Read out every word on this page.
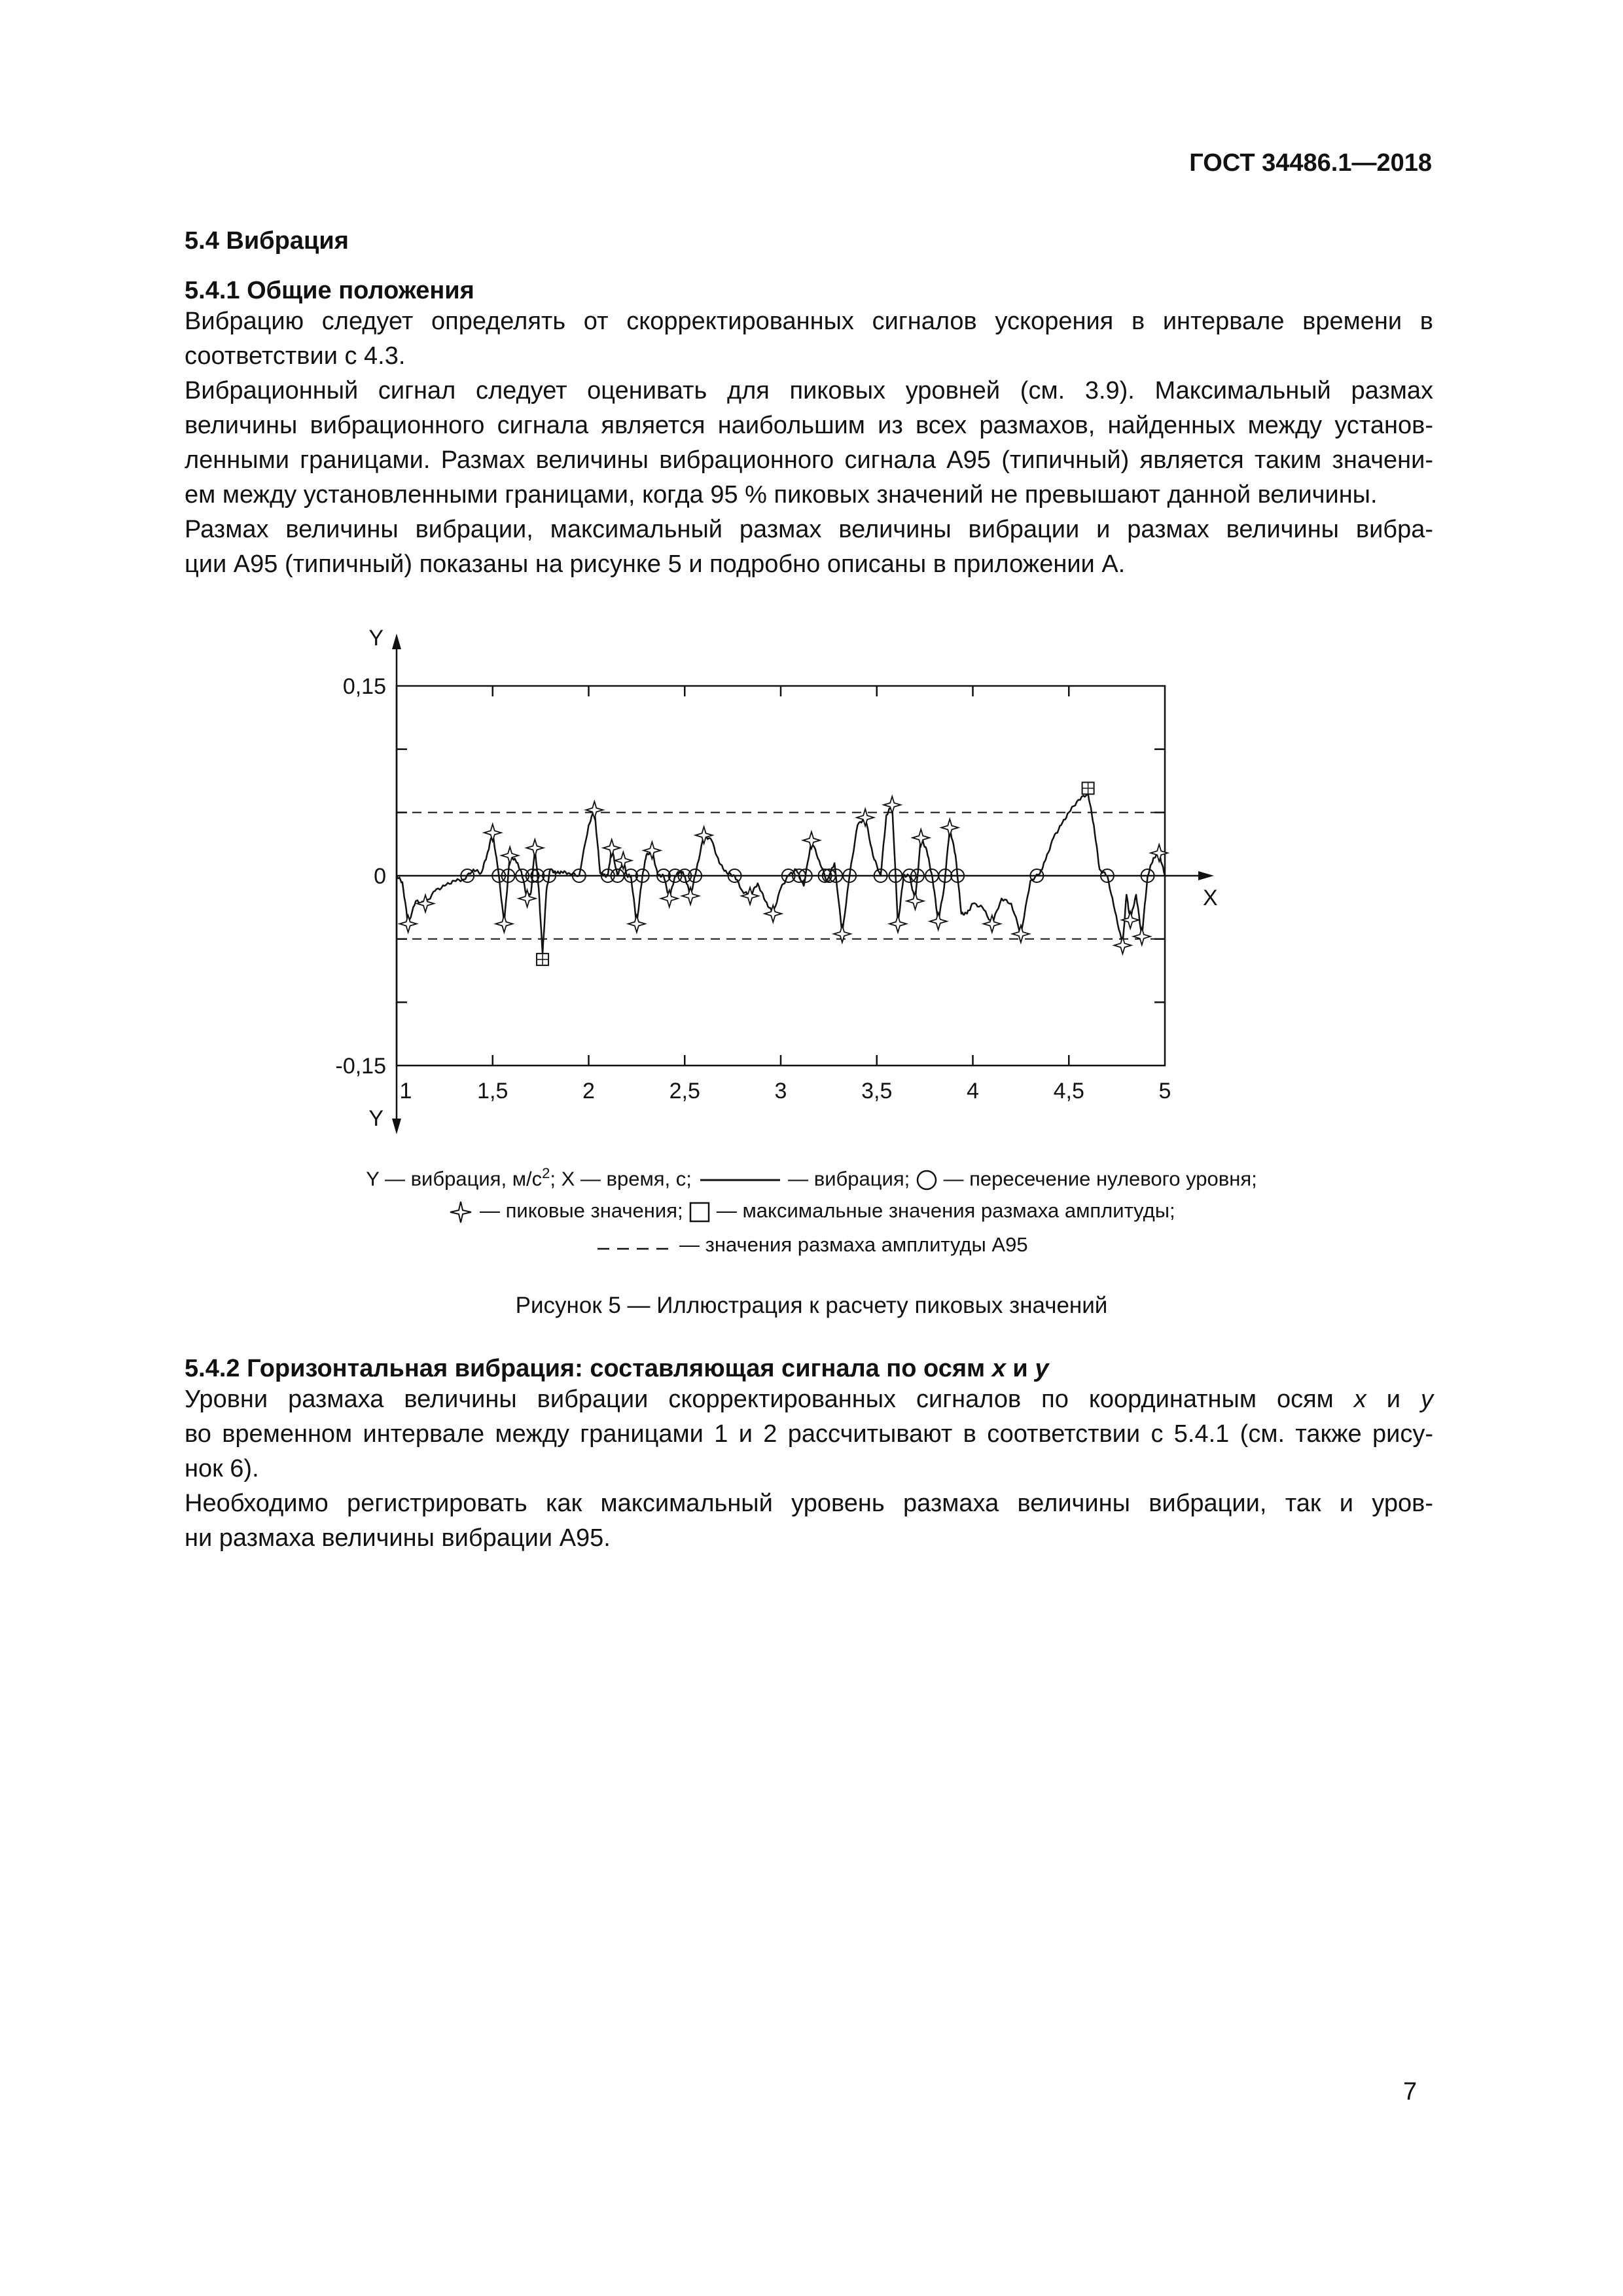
ГОСТ 34486.1—2018
5.4 Вибрация
5.4.1 Общие положения

Вибрацию следует определять от скорректированных сигналов ускорения в интервале времени в
соответствии с 4.3.

Вибрационный сигнал следует оценивать для пиковых уровней (см. 3.9). Максимальный размах
величины вибрационного сигнала является наибольшим из всех размахов, найденных между установ-
ленными границами. Размах величины вибрационного сигнала А95 (типичный) является таким значени-
ем между установленными границами, когда 95 % пиковых значений не превышают данной величины.

Размах величины вибрации, максимальный размах величины вибрации и размах величины вибра-
ции А95 (типичный) показаны на рисунке 5 и подробно описаны в приложении А.

Y
Y
X
0,15
0
-0,15
1	1,5	2	2,5	3	3,5	4	4,5	5
Y — вибрация, $м/с^2$; X — время, с;	— вибрация; — пересечение нулевого уровня;
— пиковые значения; — максимальные значения размаха амплитуды;
— значения размаха амплитуды А95
Рисунок 5 — Иллюстрация к расчету пиковых значений
5.4.2 Горизонтальная вибрация: составляющая сигнала по осям x и y

Уровни размаха величины вибрации скорректированных сигналов по координатным осям x и y
во временном интервале между границами 1 и 2 рассчитывают в соответствии с 5.4.1 (см. также рису-
нок 6).

Необходимо регистрировать как максимальный уровень размаха величины вибрации, так и уров-
ни размаха величины вибрации А95.

7
